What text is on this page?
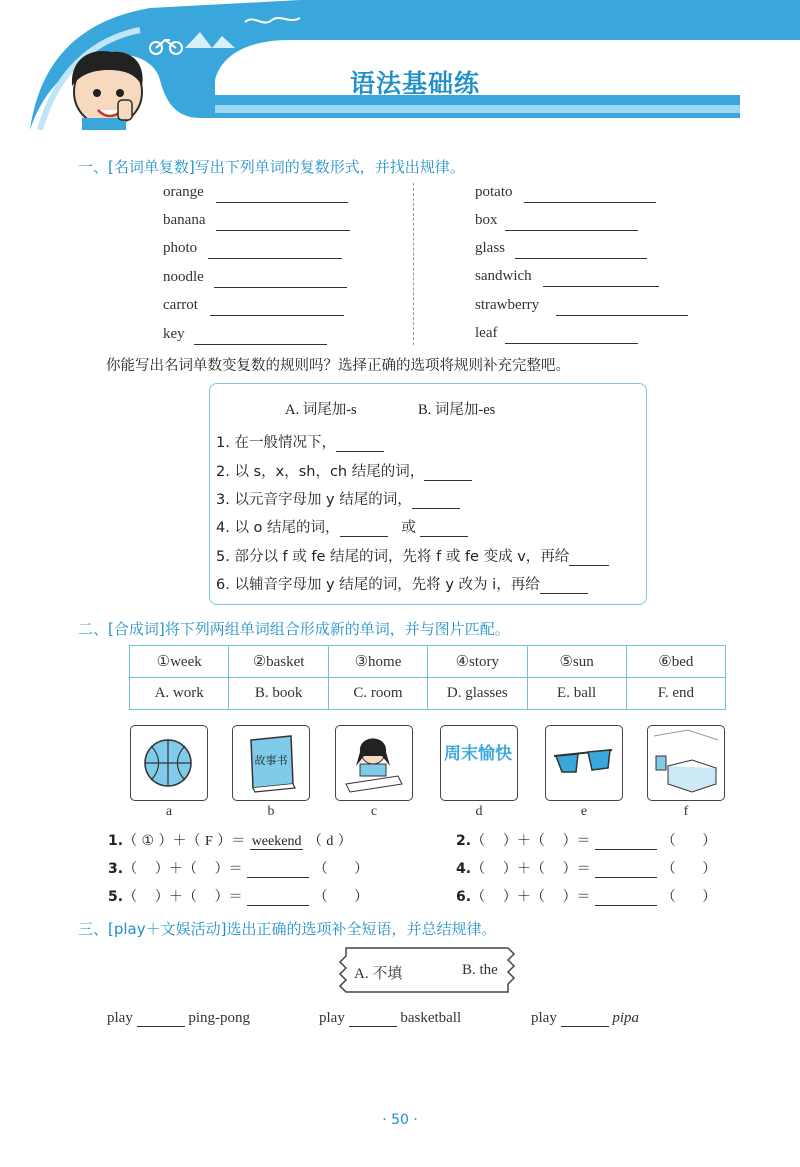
语法基础练
一、[名词单复数]写出下列单词的复数形式，并找出规律。
orange
banana
photo
noodle
carrot
key
potato
box
glass
sandwich
strawberry
leaf
你能写出名词单数变复数的规则吗？选择正确的选项将规则补充完整吧。
A. 词尾加-s	B. 词尾加-es
1. 在一般情况下，
2. 以 s，x，sh，ch 结尾的词，
3. 以元音字母加 y 结尾的词，
4. 以 o 结尾的词，	或
5. 部分以 f 或 fe 结尾的词，先将 f 或 fe 变成 v，再给
6. 以辅音字母加 y 结尾的词，先将 y 改为 i，再给
二、[合成词]将下列两组单词组合形成新的单词，并与图片匹配。
①week	②basket	③home	④story	⑤sun	⑥bed
A. work	B. book	C. room	D. glasses	E. ball	F. end
故事书	周末愉快
a	b	c	d	e	f
1.（ ① ）＋（ F ）＝ weekend （ d ）	2.（    ）＋（    ）＝	（      ）
3.（    ）＋（    ）＝	（      ）	4.（    ）＋（    ）＝	（      ）
5.（    ）＋（    ）＝	（      ）	6.（    ）＋（    ）＝	（      ）
三、[play＋文娱活动]选出正确的选项补全短语，并总结规律。
A. 不填	B. the
play	ping-pong	play	basketball	play	pipa
· 50 ·
